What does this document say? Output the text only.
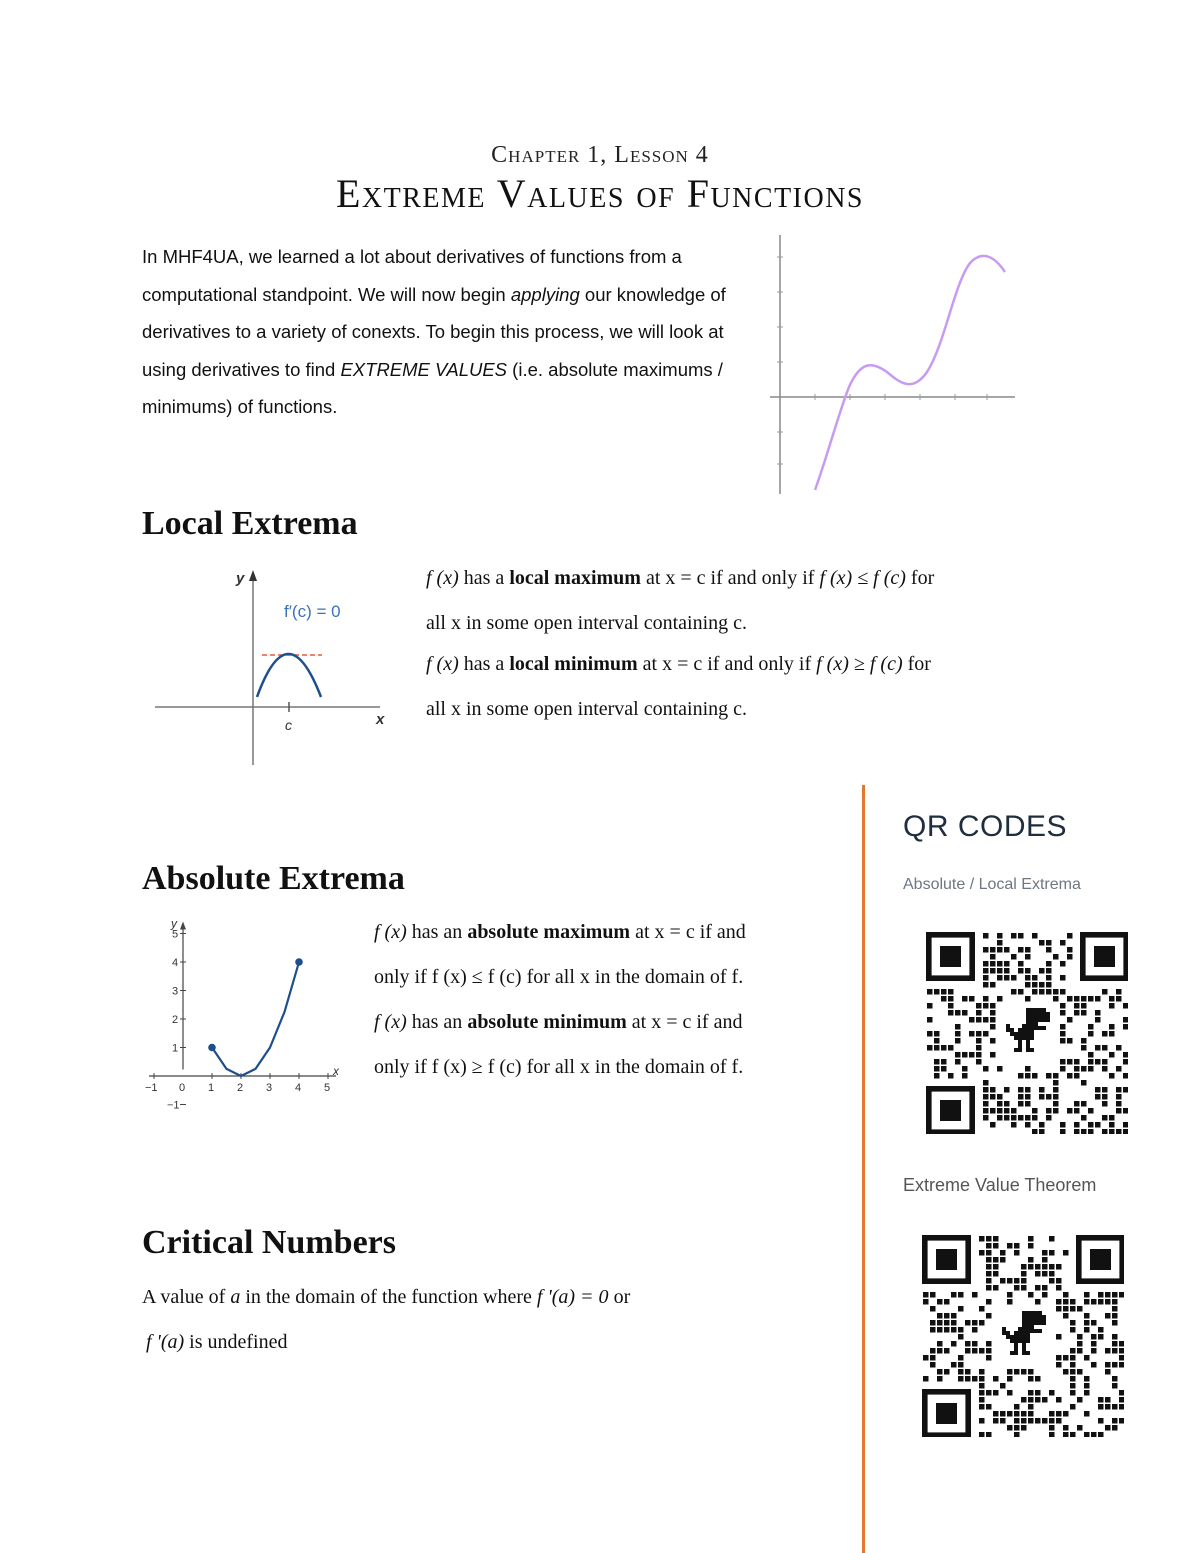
Chapter 1, Lesson 4
Extreme Values of Functions
In MHF4UA, we learned a lot about derivatives of functions from a computational standpoint. We will now begin applying our knowledge of derivatives to a variety of conexts. To begin this process, we will look at using derivatives to find EXTREME VALUES (i.e. absolute maximums / minimums) of functions.
Local Extrema
y
x
f′(c) = 0
c
f (x) has a local maximum at x = c if and only if f (x) ≤ f (c) for
all x in some open interval containing c.
f (x) has a local minimum at x = c if and only if f (x) ≥ f (c) for
all x in some open interval containing c.
Absolute Extrema
−1 0 1 2 3 4 5
−1
1
2
3
4
5
x
y	f (x) has an absolute maximum at x = c if and
only if f (x) ≤ f (c) for all x in the domain of f.
f (x) has an absolute minimum at x = c if and
only if f (x) ≥ f (c) for all x in the domain of f.
Critical Numbers
A value of a in the domain of the function where f '(a) = 0 or
f '(a) is undefined
QR CODES
Absolute / Local Extrema
Extreme Value Theorem
